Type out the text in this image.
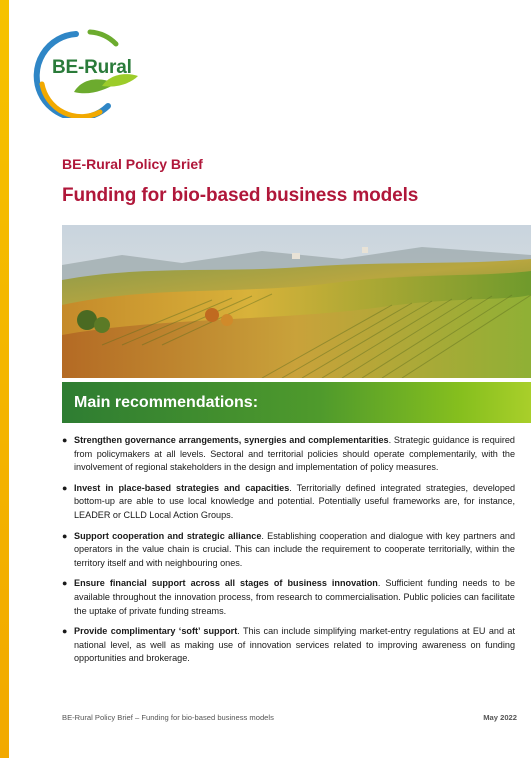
BE-Rural
BE-Rural Policy Brief
Funding for bio-based business models
Main recommendations:
● Strengthen governance arrangements, synergies and complementarities. Strategic guidance is required from policymakers at all levels. Sectoral and territorial policies should operate complementarily, with the involvement of regional stakeholders in the design and implementation of policy measures.
● Invest in place-based strategies and capacities. Territorially defined integrated strategies, developed bottom-up are able to use local knowledge and potential. Potentially useful frameworks are, for instance, LEADER or CLLD Local Action Groups.
● Support cooperation and strategic alliance. Establishing cooperation and dialogue with key partners and operators in the value chain is crucial. This can include the requirement to cooperate territorially, within the territory itself and with neighbouring ones.
● Ensure financial support across all stages of business innovation. Sufficient funding needs to be available throughout the innovation process, from research to commercialisation. Public policies can facilitate the uptake of private funding streams.
● Provide complimentary ‘soft’ support. This can include simplifying market-entry regulations at EU and at national level, as well as making use of innovation services related to improving awareness on funding opportunities and brokerage.
BE-Rural Policy Brief – Funding for bio-based business models	May 2022
